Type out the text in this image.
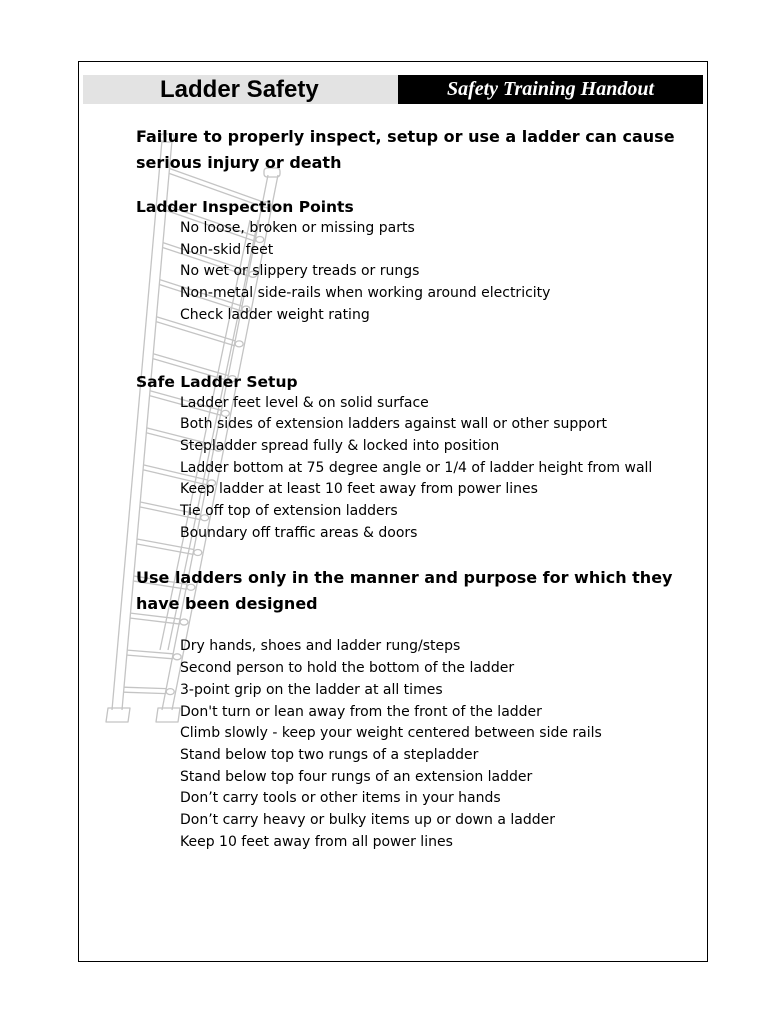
Ladder Safety	Safety Training Handout

Failure to properly inspect, setup or use a ladder can cause serious injury or death

Ladder Inspection Points

No loose, broken or missing parts
Non-skid feet
No wet or slippery treads or rungs
Non-metal side-rails when working around electricity
Check ladder weight rating

Safe Ladder Setup

Ladder feet level & on solid surface
Both sides of extension ladders against wall or other support
Stepladder spread fully & locked into position
Ladder bottom at 75 degree angle or 1/4 of ladder height from wall
Keep ladder at least 10 feet away from power lines
Tie off top of extension ladders
Boundary off traffic areas & doors

Use ladders only in the manner and purpose for which they have been designed

Dry hands, shoes and ladder rung/steps
Second person to hold the bottom of the ladder
3-point grip on the ladder at all times
Don't turn or lean away from the front of the ladder
Climb slowly - keep your weight centered between side rails
Stand below top two rungs of a stepladder
Stand below top four rungs of an extension ladder
Don’t carry tools or other items in your hands
Don’t carry heavy or bulky items up or down a ladder
Keep 10 feet away from all power lines
